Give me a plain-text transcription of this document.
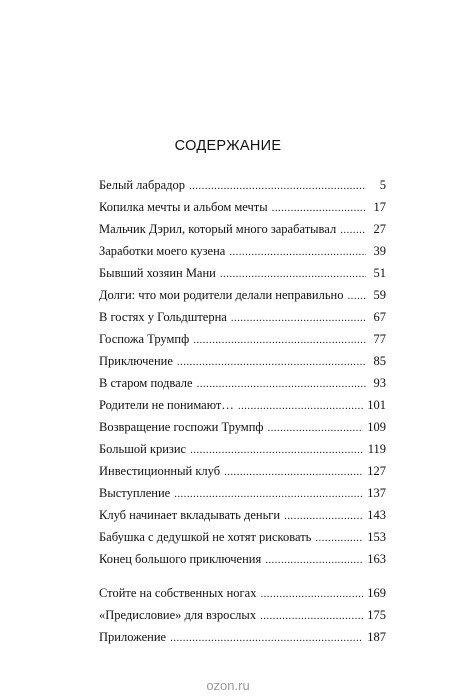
СОДЕРЖАНИЕ
Белый лабрадор .....	5
Копилка мечты и альбом мечты .....	17
Мальчик Дэрил, который много зарабатывал .....	27
Заработки моего кузена .....	39
Бывший хозяин Мани .....	51
Долги: что мои родители делали неправильно ..... 59
В гостях у Гольдштерна .....	67
Госпожа Трумпф .....	77
Приключение .....	85
В старом подвале .....	93
Родители не понимают… .....	101
Возвращение госпожи Трумпф .....	109
Большой кризис .....	119
Инвестиционный клуб .....	127
Выступление .....	137
Клуб начинает вкладывать деньги .....	143
Бабушка с дедушкой не хотят рисковать .....	153
Конец большого приключения .....	163
Стойте на собственных ногах .....	169
«Предисловие» для взрослых .....	175
Приложение .....	187
ozon.ru
